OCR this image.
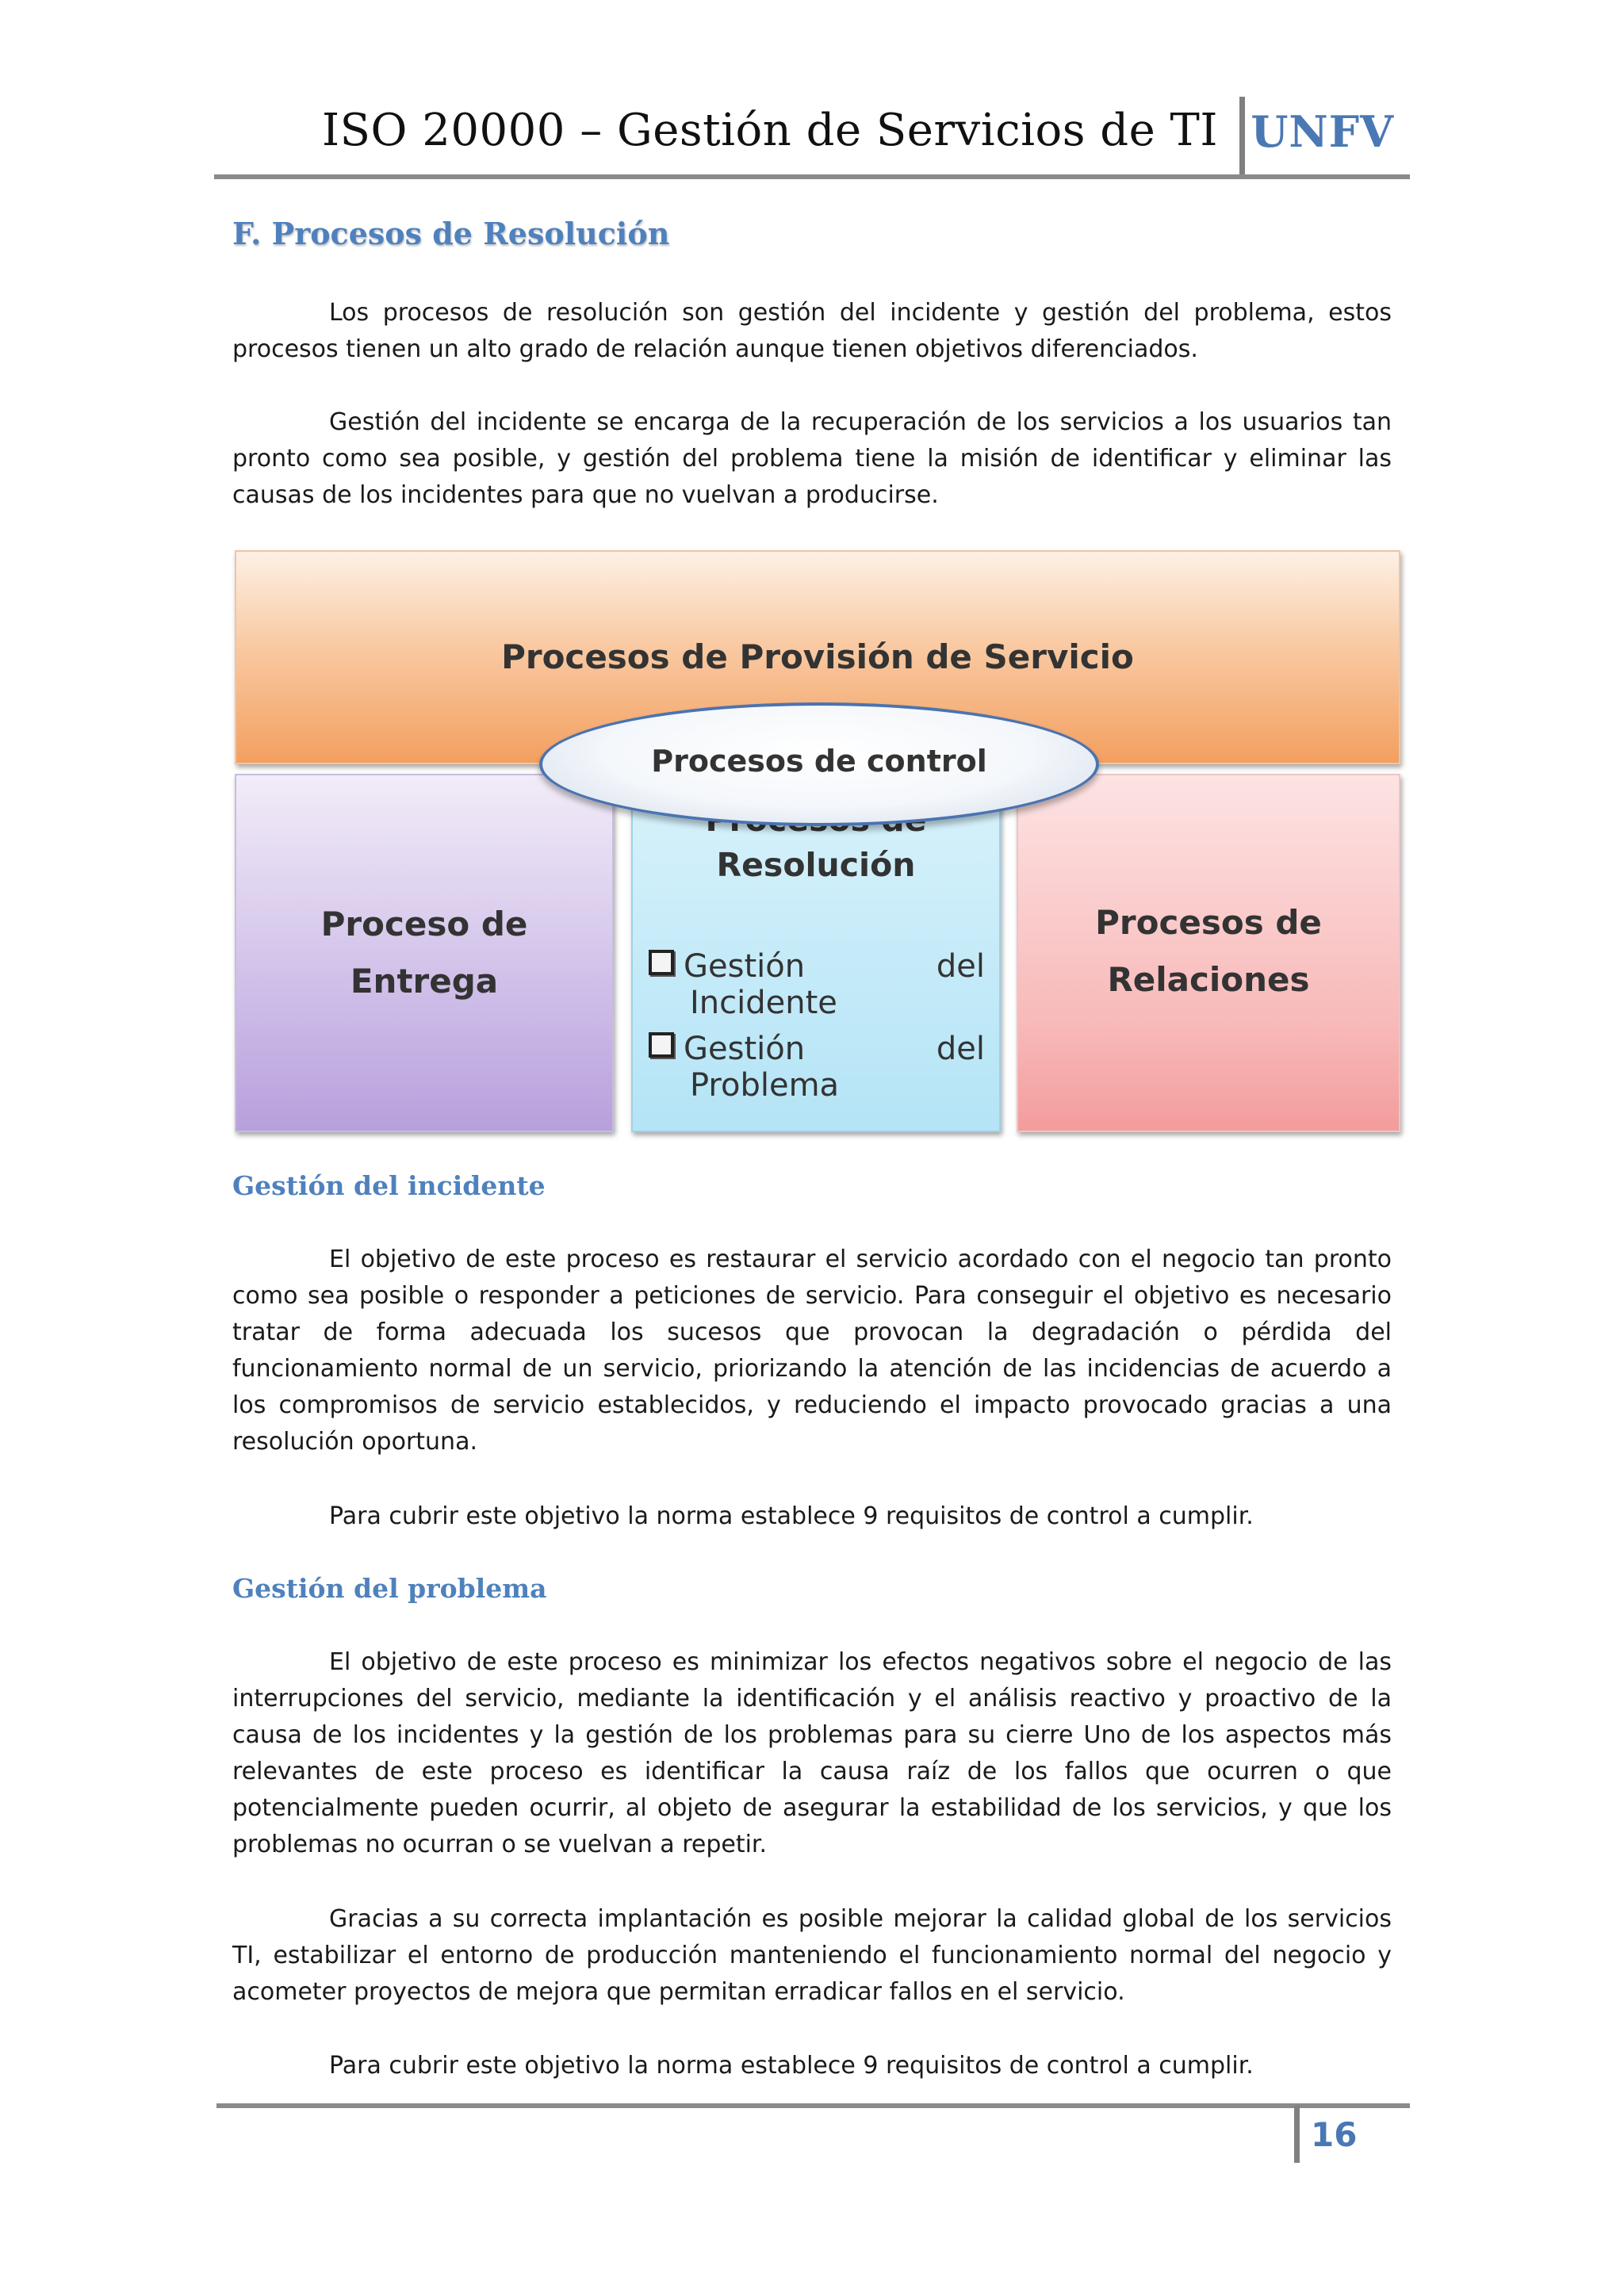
ISO 20000 – Gestión de Servicios de TI UNFV
F. Procesos de Resolución

Los procesos de resolución son gestión del incidente y gestión del problema, estos procesos tienen un alto grado de relación aunque tienen objetivos diferenciados.

Gestión del incidente se encarga de la recuperación de los servicios a los usuarios tan pronto como sea posible, y gestión del problema tiene la misión de identificar y eliminar las causas de los incidentes para que no vuelvan a producirse.

Procesos de Provisión de Servicio
Proceso de
Entrega
Resolución
Gestión	del
Incidente
Gestión	del
Problema
Procesos de
Relaciones
Procesos de control
Gestión del incidente

El objetivo de este proceso es restaurar el servicio acordado con el negocio tan pronto como sea posible o responder a peticiones de servicio. Para conseguir el objetivo es necesario tratar de forma adecuada los sucesos que provocan la degradación o pérdida del funcionamiento normal de un servicio, priorizando la atención de las incidencias de acuerdo a los compromisos de servicio establecidos, y reduciendo el impacto provocado gracias a una resolución oportuna.

Para cubrir este objetivo la norma establece 9 requisitos de control a cumplir.

Gestión del problema

El objetivo de este proceso es minimizar los efectos negativos sobre el negocio de las interrupciones del servicio, mediante la identificación y el análisis reactivo y proactivo de la causa de los incidentes y la gestión de los problemas para su cierre Uno de los aspectos más relevantes de este proceso es identificar la causa raíz de los fallos que ocurren o que potencialmente pueden ocurrir, al objeto de asegurar la estabilidad de los servicios, y que los problemas no ocurran o se vuelvan a repetir.

Gracias a su correcta implantación es posible mejorar la calidad global de los servicios TI, estabilizar el entorno de producción manteniendo el funcionamiento normal del negocio y acometer proyectos de mejora que permitan erradicar fallos en el servicio.

Para cubrir este objetivo la norma establece 9 requisitos de control a cumplir.

16
